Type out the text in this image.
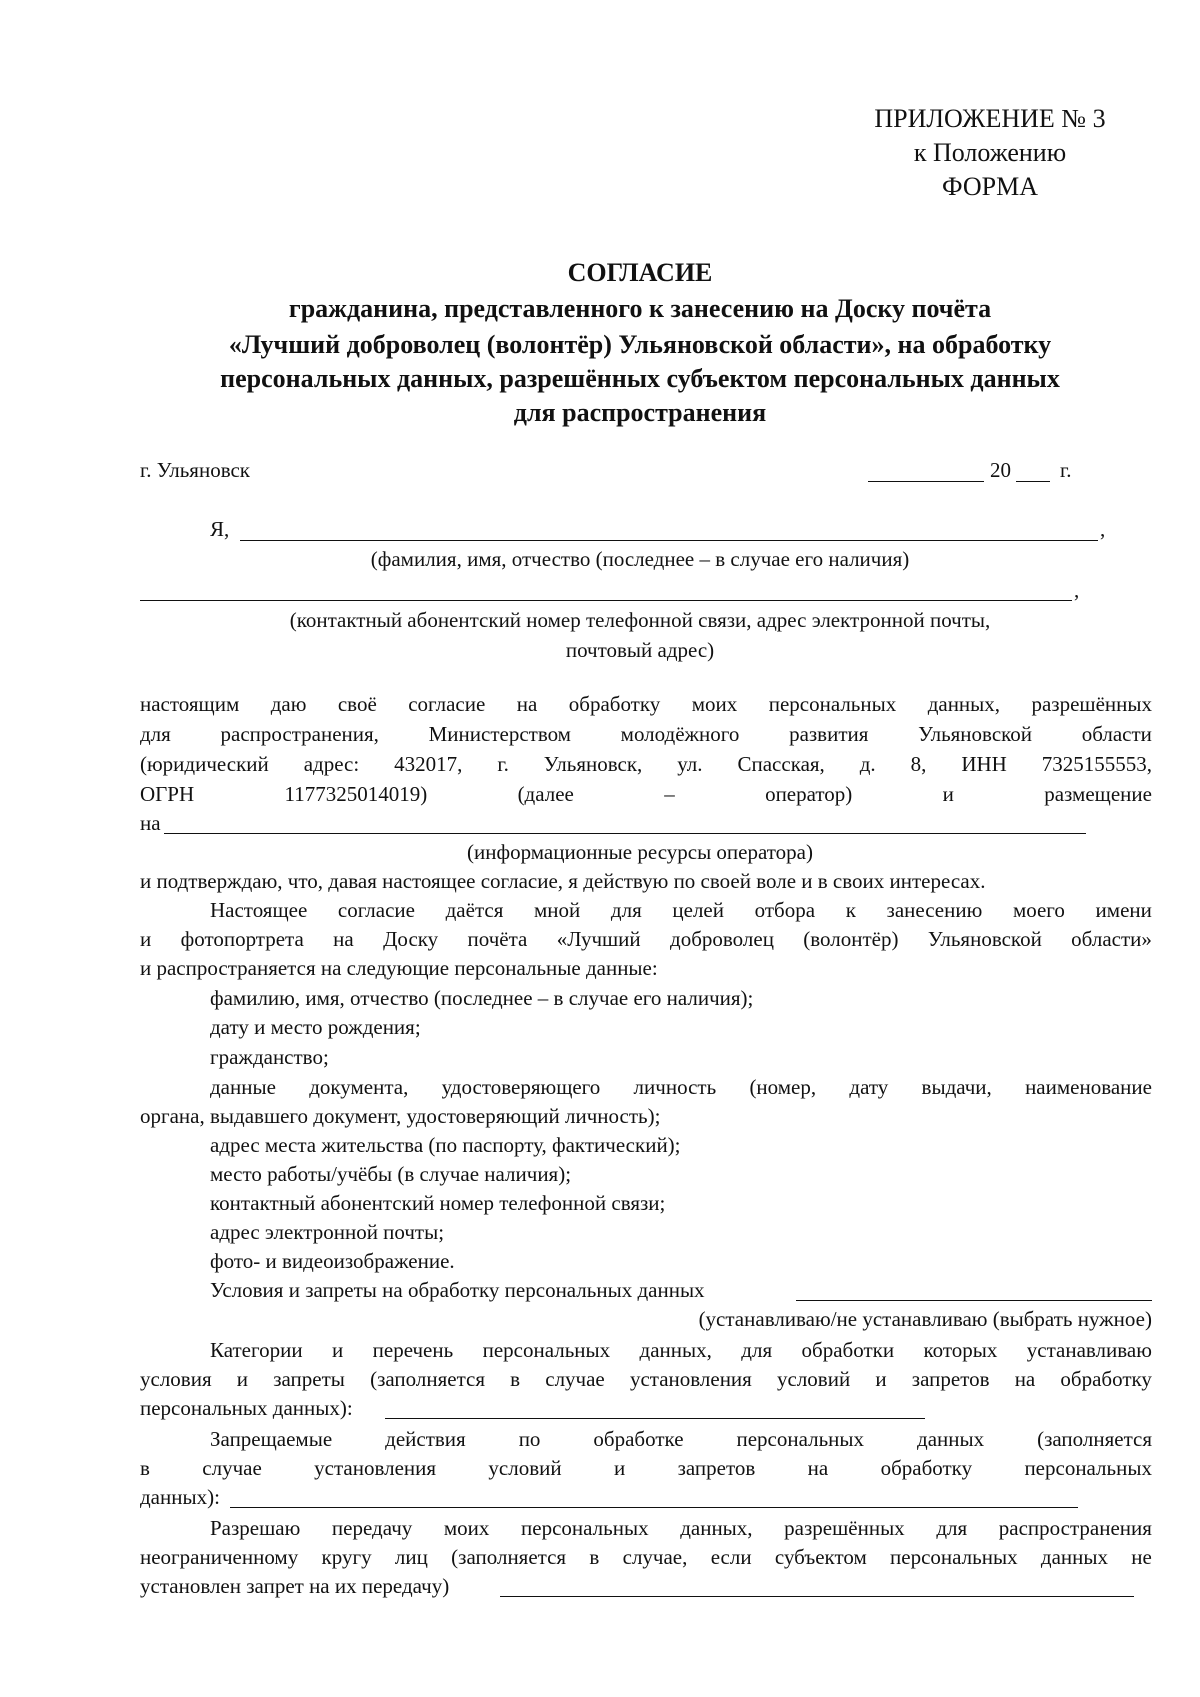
ПРИЛОЖЕНИЕ № 3
к Положению
ФОРМА
СОГЛАСИЕ
гражданина, представленного к занесению на Доску почёта
«Лучший доброволец (волонтёр) Ульяновской области», на обработку
персональных данных, разрешённых субъектом персональных данных
для распространения
г. Ульяновск	20 г.
Я,	,
(фамилия, имя, отчество (последнее – в случае его наличия)
,
(контактный абонентский номер телефонной связи, адрес электронной почты,
почтовый адрес)
настоящим даю своё согласие на обработку моих персональных данных, разрешённых
для распространения, Министерством молодёжного развития Ульяновской области
(юридический адрес: 432017, г. Ульяновск, ул. Спасская, д. 8, ИНН 7325155553,
ОГРН	1177325014019)	(далее	–	оператор)	и	размещение
на
(информационные ресурсы оператора)
и подтверждаю, что, давая настоящее согласие, я действую по своей воле и в своих интересах.
Настоящее согласие даётся мной для целей отбора к занесению моего имени
и фотопортрета на Доску почёта «Лучший доброволец (волонтёр) Ульяновской области»
и распространяется на следующие персональные данные:
фамилию, имя, отчество (последнее – в случае его наличия);
дату и место рождения;
гражданство;
данные документа, удостоверяющего личность (номер, дату выдачи, наименование
органа, выдавшего документ, удостоверяющий личность);
адрес места жительства (по паспорту, фактический);
место работы/учёбы (в случае наличия);
контактный абонентский номер телефонной связи;
адрес электронной почты;
фото- и видеоизображение.
Условия и запреты на обработку персональных данных
(устанавливаю/не устанавливаю (выбрать нужное)
Категории и перечень персональных данных, для обработки которых устанавливаю
условия и запреты (заполняется в случае установления условий и запретов на обработку
персональных данных):
Запрещаемые	действия	по	обработке	персональных	данных	(заполняется
в случае установления условий и запретов на обработку персональных
данных):
Разрешаю передачу моих персональных данных, разрешённых для распространения
неограниченному кругу лиц (заполняется в случае, если субъектом персональных данных не
установлен запрет на их передачу)
